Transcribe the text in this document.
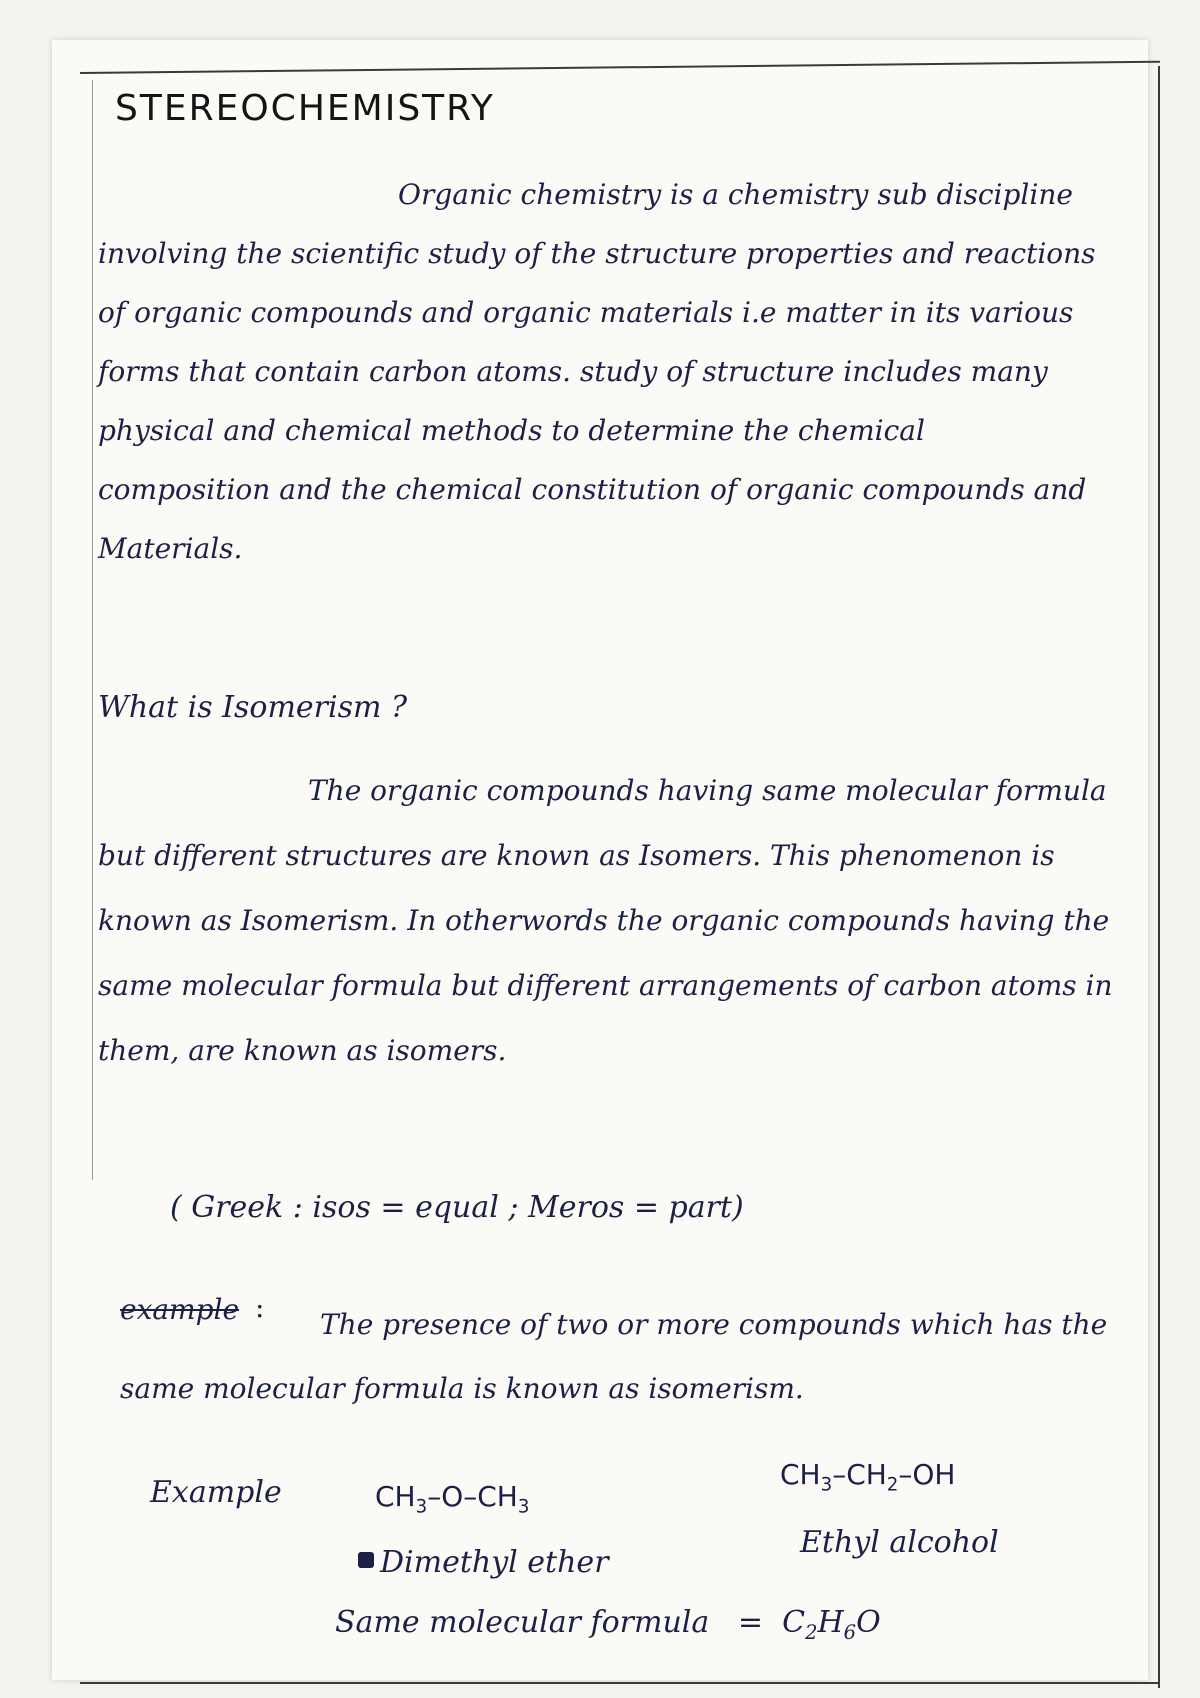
STEREOCHEMISTRY
Organic chemistry is a chemistry sub discipline involving the scientific study of the structure properties and reactions of organic compounds and organic materials i.e matter in its various forms that contain carbon atoms. study of structure includes many physical and chemical methods to determine the chemical composition and the chemical constitution of organic compounds and Materials.
What is Isomerism ?
The organic compounds having same molecular formula but different structures are known as Isomers. This phenomenon is known as Isomerism. In otherwords the organic compounds having the same molecular formula but different arrangements of carbon atoms in them, are known as isomers.
( Greek : isos = equal ; Meros = part)
example :
The presence of two or more compounds which has the same molecular formula is known as isomerism.
Example	$CH_3-O-CH_3$
$CH_3-CH_2-OH$
Dimethyl ether
Ethyl alcohol
Same molecular formula = $C_2H_6O$
